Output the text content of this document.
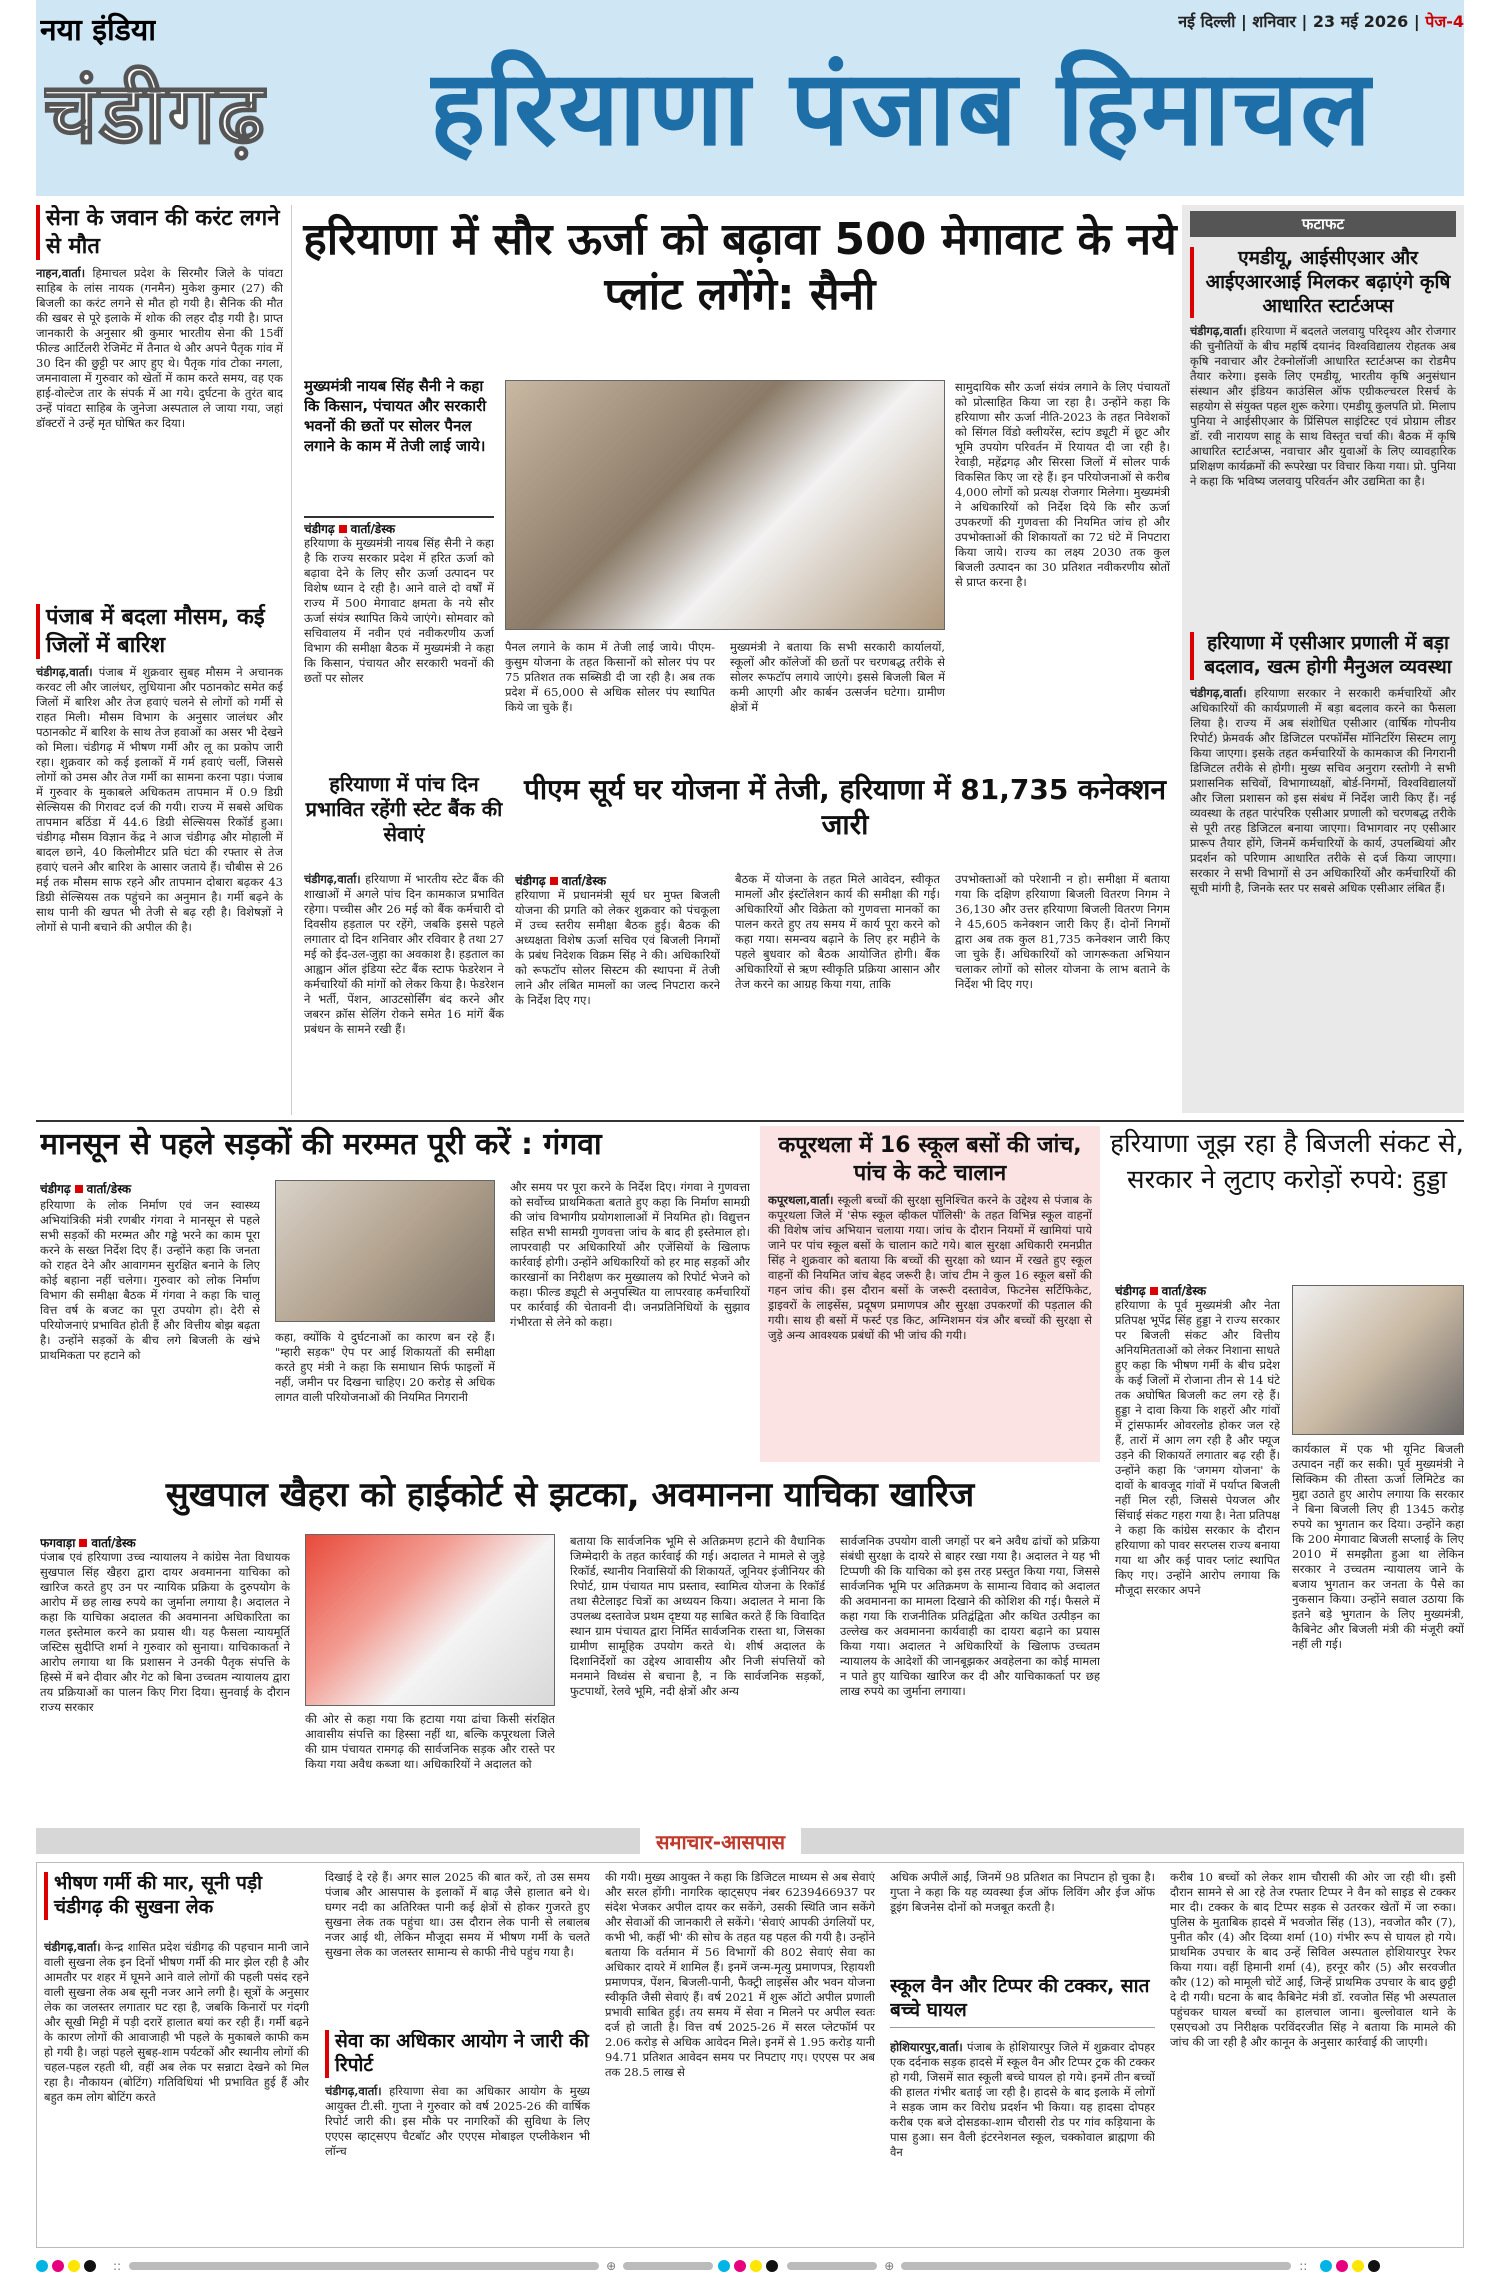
नया इंडिया
चंडीगढ़ हरियाणा पंजाब हिमाचल
नई दिल्ली | शनिवार | 23 मई 2026 | पेज-4
सेना के जवान की करंट लगने से मौत
नाहन,वार्ता। हिमाचल प्रदेश के सिरमौर जिले के पांवटा साहिब के लांस नायक (गनमैन) मुकेश कुमार (27) की बिजली का करंट लगने से मौत हो गयी है। सैनिक की मौत की खबर से पूरे इलाके में शोक की लहर दौड़ गयी है। प्राप्त जानकारी के अनुसार श्री कुमार भारतीय सेना की 15वीं फील्ड आर्टिलरी रेजिमेंट में तैनात थे और अपने पैतृक गांव में 30 दिन की छुट्टी पर आए हुए थे। पैतृक गांव टोका नगला, जमनावाला में गुरुवार को खेतों में काम करते समय, वह एक हाई-वोल्टेज तार के संपर्क में आ गये। दुर्घटना के तुरंत बाद उन्हें पांवटा साहिब के जुनेजा अस्पताल ले जाया गया, जहां डॉक्टरों ने उन्हें मृत घोषित कर दिया।
पंजाब में बदला मौसम, कई जिलों में बारिश
चंडीगढ़,वार्ता। पंजाब में शुक्रवार सुबह मौसम ने अचानक करवट ली और जालंधर, लुधियाना और पठानकोट समेत कई जिलों में बारिश और तेज हवाएं चलने से लोगों को गर्मी से राहत मिली। मौसम विभाग के अनुसार जालंधर और पठानकोट में बारिश के साथ तेज हवाओं का असर भी देखने को मिला। चंडीगढ़ में भीषण गर्मी और लू का प्रकोप जारी रहा। शुक्रवार को कई इलाकों में गर्म हवाएं चलीं, जिससे लोगों को उमस और तेज गर्मी का सामना करना पड़ा। पंजाब में गुरुवार के मुकाबले अधिकतम तापमान में 0.9 डिग्री सेल्सियस की गिरावट दर्ज की गयी। राज्य में सबसे अधिक तापमान बठिंडा में 44.6 डिग्री सेल्सियस रिकॉर्ड हुआ। चंडीगढ़ मौसम विज्ञान केंद्र ने आज चंडीगढ़ और मोहाली में बादल छाने, 40 किलोमीटर प्रति घंटा की रफ्तार से तेज हवाएं चलने और बारिश के आसार जताये हैं। चौबीस से 26 मई तक मौसम साफ रहने और तापमान दोबारा बढ़कर 43 डिग्री सेल्सियस तक पहुंचने का अनुमान है। गर्मी बढ़ने के साथ पानी की खपत भी तेजी से बढ़ रही है। विशेषज्ञों ने लोगों से पानी बचाने की अपील की है।
हरियाणा में सौर ऊर्जा को बढ़ावा 500 मेगावाट के नये प्लांट लगेंगे: सैनी
मुख्यमंत्री नायब सिंह सैनी ने कहा कि किसान, पंचायत और सरकारी भवनों की छतों पर सोलर पैनल लगाने के काम में तेजी लाई जाये।
चंडीगढ़ वार्ता/डेस्क
हरियाणा के मुख्यमंत्री नायब सिंह सैनी ने कहा है कि राज्य सरकार प्रदेश में हरित ऊर्जा को बढ़ावा देने के लिए सौर ऊर्जा उत्पादन पर विशेष ध्यान दे रही है। आने वाले दो वर्षों में राज्य में 500 मेगावाट क्षमता के नये सौर ऊर्जा संयंत्र स्थापित किये जाएंगे। सोमवार को सचिवालय में नवीन एवं नवीकरणीय ऊर्जा विभाग की समीक्षा बैठक में मुख्यमंत्री ने कहा कि किसान, पंचायत और सरकारी भवनों की छतों पर सोलर
पैनल लगाने के काम में तेजी लाई जाये। पीएम-कुसुम योजना के तहत किसानों को सोलर पंप पर 75 प्रतिशत तक सब्सिडी दी जा रही है। अब तक प्रदेश में 65,000 से अधिक सोलर पंप स्थापित किये जा चुके हैं।
मुख्यमंत्री ने बताया कि सभी सरकारी कार्यालयों, स्कूलों और कॉलेजों की छतों पर चरणबद्ध तरीके से सोलर रूफटॉप लगाये जाएंगे। इससे बिजली बिल में कमी आएगी और कार्बन उत्सर्जन घटेगा। ग्रामीण क्षेत्रों में
सामुदायिक सौर ऊर्जा संयंत्र लगाने के लिए पंचायतों को प्रोत्साहित किया जा रहा है। उन्होंने कहा कि हरियाणा सौर ऊर्जा नीति-2023 के तहत निवेशकों को सिंगल विंडो क्लीयरेंस, स्टांप ड्यूटी में छूट और भूमि उपयोग परिवर्तन में रियायत दी जा रही है। रेवाड़ी, महेंद्रगढ़ और सिरसा जिलों में सोलर पार्क विकसित किए जा रहे हैं। इन परियोजनाओं से करीब 4,000 लोगों को प्रत्यक्ष रोजगार मिलेगा। मुख्यमंत्री ने अधिकारियों को निर्देश दिये कि सौर ऊर्जा उपकरणों की गुणवत्ता की नियमित जांच हो और उपभोक्ताओं की शिकायतों का 72 घंटे में निपटारा किया जाये। राज्य का लक्ष्य 2030 तक कुल बिजली उत्पादन का 30 प्रतिशत नवीकरणीय स्रोतों से प्राप्त करना है।
हरियाणा में पांच दिन प्रभावित रहेंगी स्टेट बैंक की सेवाएं
चंडीगढ़,वार्ता। हरियाणा में भारतीय स्टेट बैंक की शाखाओं में अगले पांच दिन कामकाज प्रभावित रहेगा। पच्चीस और 26 मई को बैंक कर्मचारी दो दिवसीय हड़ताल पर रहेंगे, जबकि इससे पहले लगातार दो दिन शनिवार और रविवार है तथा 27 मई को ईद-उल-जुहा का अवकाश है। हड़ताल का आह्वान ऑल इंडिया स्टेट बैंक स्टाफ फेडरेशन ने कर्मचारियों की मांगों को लेकर किया है। फेडरेशन ने भर्ती, पेंशन, आउटसोर्सिंग बंद करने और जबरन क्रॉस सेलिंग रोकने समेत 16 मांगें बैंक प्रबंधन के सामने रखी हैं।
पीएम सूर्य घर योजना में तेजी, हरियाणा में 81,735 कनेक्शन जारी
चंडीगढ़ वार्ता/डेस्क
हरियाणा में प्रधानमंत्री सूर्य घर मुफ्त बिजली योजना की प्रगति को लेकर शुक्रवार को पंचकूला में उच्च स्तरीय समीक्षा बैठक हुई। बैठक की अध्यक्षता विशेष ऊर्जा सचिव एवं बिजली निगमों के प्रबंध निदेशक विक्रम सिंह ने की। अधिकारियों को रूफटॉप सोलर सिस्टम की स्थापना में तेजी लाने और लंबित मामलों का जल्द निपटारा करने के निर्देश दिए गए।
बैठक में योजना के तहत मिले आवेदन, स्वीकृत मामलों और इंस्टॉलेशन कार्य की समीक्षा की गई। अधिकारियों और विक्रेता को गुणवत्ता मानकों का पालन करते हुए तय समय में कार्य पूरा करने को कहा गया। समन्वय बढ़ाने के लिए हर महीने के पहले बुधवार को बैठक आयोजित होगी। बैंक अधिकारियों से ऋण स्वीकृति प्रक्रिया आसान और तेज करने का आग्रह किया गया, ताकि
उपभोक्ताओं को परेशानी न हो। समीक्षा में बताया गया कि दक्षिण हरियाणा बिजली वितरण निगम ने 36,130 और उत्तर हरियाणा बिजली वितरण निगम ने 45,605 कनेक्शन जारी किए हैं। दोनों निगमों द्वारा अब तक कुल 81,735 कनेक्शन जारी किए जा चुके हैं। अधिकारियों को जागरूकता अभियान चलाकर लोगों को सोलर योजना के लाभ बताने के निर्देश भी दिए गए।
फटाफट
एमडीयू, आईसीएआर और आईएआरआई मिलकर बढ़ाएंगे कृषि आधारित स्टार्टअप्स
चंडीगढ़,वार्ता। हरियाणा में बदलते जलवायु परिदृश्य और रोजगार की चुनौतियों के बीच महर्षि दयानंद विश्वविद्यालय रोहतक अब कृषि नवाचार और टेक्नोलॉजी आधारित स्टार्टअप्स का रोडमैप तैयार करेगा। इसके लिए एमडीयू, भारतीय कृषि अनुसंधान संस्थान और इंडियन काउंसिल ऑफ एग्रीकल्चरल रिसर्च के सहयोग से संयुक्त पहल शुरू करेगा। एमडीयू कुलपति प्रो. मिलाप पुनिया ने आईसीएआर के प्रिंसिपल साइंटिस्ट एवं प्रोग्राम लीडर डॉ. रवी नारायण साहू के साथ विस्तृत चर्चा की। बैठक में कृषि आधारित स्टार्टअप्स, नवाचार और युवाओं के लिए व्यावहारिक प्रशिक्षण कार्यक्रमों की रूपरेखा पर विचार किया गया। प्रो. पुनिया ने कहा कि भविष्य जलवायु परिवर्तन और उद्यमिता का है।
हरियाणा में एसीआर प्रणाली में बड़ा बदलाव, खत्म होगी मैनुअल व्यवस्था
चंडीगढ़,वार्ता। हरियाणा सरकार ने सरकारी कर्मचारियों और अधिकारियों की कार्यप्रणाली में बड़ा बदलाव करने का फैसला लिया है। राज्य में अब संशोधित एसीआर (वार्षिक गोपनीय रिपोर्ट) फ्रेमवर्क और डिजिटल परफॉर्मेंस मॉनिटरिंग सिस्टम लागू किया जाएगा। इसके तहत कर्मचारियों के कामकाज की निगरानी डिजिटल तरीके से होगी। मुख्य सचिव अनुराग रस्तोगी ने सभी प्रशासनिक सचिवों, विभागाध्यक्षों, बोर्ड-निगमों, विश्वविद्यालयों और जिला प्रशासन को इस संबंध में निर्देश जारी किए हैं। नई व्यवस्था के तहत पारंपरिक एसीआर प्रणाली को चरणबद्ध तरीके से पूरी तरह डिजिटल बनाया जाएगा। विभागवार नए एसीआर प्रारूप तैयार होंगे, जिनमें कर्मचारियों के कार्य, उपलब्धियां और प्रदर्शन को परिणाम आधारित तरीके से दर्ज किया जाएगा। सरकार ने सभी विभागों से उन अधिकारियों और कर्मचारियों की सूची मांगी है, जिनके स्तर पर सबसे अधिक एसीआर लंबित हैं।
मानसून से पहले सड़कों की मरम्मत पूरी करें : गंगवा
चंडीगढ़ वार्ता/डेस्क
हरियाणा के लोक निर्माण एवं जन स्वास्थ्य अभियांत्रिकी मंत्री रणबीर गंगवा ने मानसून से पहले सभी सड़कों की मरम्मत और गड्ढे भरने का काम पूरा करने के सख्त निर्देश दिए हैं। उन्होंने कहा कि जनता को राहत देने और आवागमन सुरक्षित बनाने के लिए कोई बहाना नहीं चलेगा। गुरुवार को लोक निर्माण विभाग की समीक्षा बैठक में गंगवा ने कहा कि चालू वित्त वर्ष के बजट का पूरा उपयोग हो। देरी से परियोजनाएं प्रभावित होती हैं और वित्तीय बोझ बढ़ता है। उन्होंने सड़कों के बीच लगे बिजली के खंभे प्राथमिकता पर हटाने को
कहा, क्योंकि ये दुर्घटनाओं का कारण बन रहे हैं। "म्हारी सड़क" ऐप पर आई शिकायतों की समीक्षा करते हुए मंत्री ने कहा कि समाधान सिर्फ फाइलों में नहीं, जमीन पर दिखना चाहिए। 20 करोड़ से अधिक लागत वाली परियोजनाओं की नियमित निगरानी
और समय पर पूरा करने के निर्देश दिए। गंगवा ने गुणवत्ता को सर्वोच्च प्राथमिकता बताते हुए कहा कि निर्माण सामग्री की जांच विभागीय प्रयोगशालाओं में नियमित हो। विद्युत्तन सहित सभी सामग्री गुणवत्ता जांच के बाद ही इस्तेमाल हो। लापरवाही पर अधिकारियों और एजेंसियों के खिलाफ कार्रवाई होगी। उन्होंने अधिकारियों को हर माह सड़कों और कारखानों का निरीक्षण कर मुख्यालय को रिपोर्ट भेजने को कहा। फील्ड ड्यूटी से अनुपस्थित या लापरवाह कर्मचारियों पर कार्रवाई की चेतावनी दी। जनप्रतिनिधियों के सुझाव गंभीरता से लेने को कहा।
कपूरथला में 16 स्कूल बसों की जांच, पांच के कटे चालान
कपूरथला,वार्ता। स्कूली बच्चों की सुरक्षा सुनिश्चित करने के उद्देश्य से पंजाब के कपूरथला जिले में 'सेफ स्कूल व्हीकल पॉलिसी' के तहत विभिन्न स्कूल वाहनों की विशेष जांच अभियान चलाया गया। जांच के दौरान नियमों में खामियां पाये जाने पर पांच स्कूल बसों के चालान काटे गये। बाल सुरक्षा अधिकारी रमनप्रीत सिंह ने शुक्रवार को बताया कि बच्चों की सुरक्षा को ध्यान में रखते हुए स्कूल वाहनों की नियमित जांच बेहद जरूरी है। जांच टीम ने कुल 16 स्कूल बसों की गहन जांच की। इस दौरान बसों के जरूरी दस्तावेज, फिटनेस सर्टिफिकेट, ड्राइवरों के लाइसेंस, प्रदूषण प्रमाणपत्र और सुरक्षा उपकरणों की पड़ताल की गयी। साथ ही बसों में फर्स्ट एड किट, अग्निशमन यंत्र और बच्चों की सुरक्षा से जुड़े अन्य आवश्यक प्रबंधों की भी जांच की गयी।
हरियाणा जूझ रहा है बिजली संकट से, सरकार ने लुटाए करोड़ों रुपये: हुड्डा
चंडीगढ़ वार्ता/डेस्क
हरियाणा के पूर्व मुख्यमंत्री और नेता प्रतिपक्ष भूपेंद्र सिंह हुड्डा ने राज्य सरकार पर बिजली संकट और वित्तीय अनियमितताओं को लेकर निशाना साधते हुए कहा कि भीषण गर्मी के बीच प्रदेश के कई जिलों में रोजाना तीन से 14 घंटे तक अघोषित बिजली कट लग रहे हैं। हुड्डा ने दावा किया कि शहरों और गांवों में ट्रांसफार्मर ओवरलोड होकर जल रहे हैं, तारों में आग लग रही है और फ्यूज उड़ने की शिकायतें लगातार बढ़ रही हैं। उन्होंने कहा कि 'जगमग योजना' के दावों के बावजूद गांवों में पर्याप्त बिजली नहीं मिल रही, जिससे पेयजल और सिंचाई संकट गहरा गया है। नेता प्रतिपक्ष ने कहा कि कांग्रेस सरकार के दौरान हरियाणा को पावर सरप्लस राज्य बनाया गया था और कई पावर प्लांट स्थापित किए गए। उन्होंने आरोप लगाया कि मौजूदा सरकार अपने
कार्यकाल में एक भी यूनिट बिजली उत्पादन नहीं कर सकी। पूर्व मुख्यमंत्री ने सिक्किम की तीस्ता ऊर्जा लिमिटेड का मुद्दा उठाते हुए आरोप लगाया कि सरकार ने बिना बिजली लिए ही 1345 करोड़ रुपये का भुगतान कर दिया। उन्होंने कहा कि 200 मेगावाट बिजली सप्लाई के लिए 2010 में समझौता हुआ था लेकिन सरकार ने उच्चतम न्यायालय जाने के बजाय भुगतान कर जनता के पैसे का नुकसान किया। उन्होंने सवाल उठाया कि इतने बड़े भुगतान के लिए मुख्यमंत्री, कैबिनेट और बिजली मंत्री की मंजूरी क्यों नहीं ली गई।
सुखपाल खैहरा को हाईकोर्ट से झटका, अवमानना याचिका खारिज
फगवाड़ा वार्ता/डेस्क
पंजाब एवं हरियाणा उच्च न्यायालय ने कांग्रेस नेता विधायक सुखपाल सिंह खैहरा द्वारा दायर अवमानना याचिका को खारिज करते हुए उन पर न्यायिक प्रक्रिया के दुरुपयोग के आरोप में छह लाख रुपये का जुर्माना लगाया है। अदालत ने कहा कि याचिका अदालत की अवमानना अधिकारिता का गलत इस्तेमाल करने का प्रयास थी। यह फैसला न्यायमूर्ति जस्टिस सुदीप्ति शर्मा ने गुरुवार को सुनाया। याचिकाकर्ता ने आरोप लगाया था कि प्रशासन ने उनकी पैतृक संपत्ति के हिस्से में बने दीवार और गेट को बिना उच्चतम न्यायालय द्वारा तय प्रक्रियाओं का पालन किए गिरा दिया। सुनवाई के दौरान राज्य सरकार
की ओर से कहा गया कि हटाया गया ढांचा किसी संरक्षित आवासीय संपत्ति का हिस्सा नहीं था, बल्कि कपूरथला जिले की ग्राम पंचायत रामगढ़ की सार्वजनिक सड़क और रास्ते पर किया गया अवैध कब्जा था। अधिकारियों ने अदालत को
बताया कि सार्वजनिक भूमि से अतिक्रमण हटाने की वैधानिक जिम्मेदारी के तहत कार्रवाई की गई। अदालत ने मामले से जुड़े रिकॉर्ड, स्थानीय निवासियों की शिकायतें, जूनियर इंजीनियर की रिपोर्ट, ग्राम पंचायत माप प्रस्ताव, स्वामित्व योजना के रिकॉर्ड तथा सैटेलाइट चित्रों का अध्ययन किया। अदालत ने माना कि उपलब्ध दस्तावेज प्रथम दृष्टया यह साबित करते हैं कि विवादित स्थान ग्राम पंचायत द्वारा निर्मित सार्वजनिक रास्ता था, जिसका ग्रामीण सामूहिक उपयोग करते थे। शीर्ष अदालत के दिशानिर्देशों का उद्देश्य आवासीय और निजी संपत्तियों को मनमाने विध्वंस से बचाना है, न कि सार्वजनिक सड़कों, फुटपाथों, रेलवे भूमि, नदी क्षेत्रों और अन्य
सार्वजनिक उपयोग वाली जगहों पर बने अवैध ढांचों को प्रक्रिया संबंधी सुरक्षा के दायरे से बाहर रखा गया है। अदालत ने यह भी टिप्पणी की कि याचिका को इस तरह प्रस्तुत किया गया, जिससे सार्वजनिक भूमि पर अतिक्रमण के सामान्य विवाद को अदालत की अवमानना का मामला दिखाने की कोशिश की गई। फैसले में कहा गया कि राजनीतिक प्रतिद्वंद्विता और कथित उत्पीड़न का उल्लेख कर अवमानना कार्यवाही का दायरा बढ़ाने का प्रयास किया गया। अदालत ने अधिकारियों के खिलाफ उच्चतम न्यायालय के आदेशों की जानबूझकर अवहेलना का कोई मामला न पाते हुए याचिका खारिज कर दी और याचिकाकर्ता पर छह लाख रुपये का जुर्माना लगाया।
समाचार-आसपास
भीषण गर्मी की मार, सूनी पड़ी चंडीगढ़ की सुखना लेक
चंडीगढ़,वार्ता। केन्द्र शासित प्रदेश चंडीगढ़ की पहचान मानी जाने वाली सुखना लेक इन दिनों भीषण गर्मी की मार झेल रही है और आमतौर पर शहर में घूमने आने वाले लोगों की पहली पसंद रहने वाली सुखना लेक अब सूनी नजर आने लगी है। सूत्रों के अनुसार लेक का जलस्तर लगातार घट रहा है, जबकि किनारों पर गंदगी और सूखी मिट्टी में पड़ी दरारें हालात बयां कर रही हैं। गर्मी बढ़ने के कारण लोगों की आवाजाही भी पहले के मुकाबले काफी कम हो गयी है। जहां पहले सुबह-शाम पर्यटकों और स्थानीय लोगों की चहल-पहल रहती थी, वहीं अब लेक पर सन्नाटा देखने को मिल रहा है। नौकायन (बोटिंग) गतिविधियां भी प्रभावित हुई हैं और बहुत कम लोग बोटिंग करते
दिखाई दे रहे हैं। अगर साल 2025 की बात करें, तो उस समय पंजाब और आसपास के इलाकों में बाढ़ जैसे हालात बने थे। घग्गर नदी का अतिरिक्त पानी कई क्षेत्रों से होकर गुजरते हुए सुखना लेक तक पहुंचा था। उस दौरान लेक पानी से लबालब नजर आई थी, लेकिन मौजूदा समय में भीषण गर्मी के चलते सुखना लेक का जलस्तर सामान्य से काफी नीचे पहुंच गया है।
सेवा का अधिकार आयोग ने जारी की रिपोर्ट
चंडीगढ़,वार्ता। हरियाणा सेवा का अधिकार आयोग के मुख्य आयुक्त टी.सी. गुप्ता ने गुरुवार को वर्ष 2025-26 की वार्षिक रिपोर्ट जारी की। इस मौके पर नागरिकों की सुविधा के लिए एएएस व्हाट्सएप चैटबॉट और एएएस मोबाइल एप्लीकेशन भी लॉन्च
की गयी। मुख्य आयुक्त ने कहा कि डिजिटल माध्यम से अब सेवाएं और सरल होंगी। नागरिक व्हाट्सएप नंबर 6239466937 पर संदेश भेजकर अपील दायर कर सकेंगे, उसकी स्थिति जान सकेंगे और सेवाओं की जानकारी ले सकेंगे। 'सेवाएं आपकी उंगलियों पर, कभी भी, कहीं भी' की सोच के तहत यह पहल की गयी है। उन्होंने बताया कि वर्तमान में 56 विभागों की 802 सेवाएं सेवा का अधिकार दायरे में शामिल हैं। इनमें जन्म-मृत्यु प्रमाणपत्र, रिहायशी प्रमाणपत्र, पेंशन, बिजली-पानी, फैक्ट्री लाइसेंस और भवन योजना स्वीकृति जैसी सेवाएं हैं। वर्ष 2021 में शुरू ऑटो अपील प्रणाली प्रभावी साबित हुई। तय समय में सेवा न मिलने पर अपील स्वतः दर्ज हो जाती है। वित्त वर्ष 2025-26 में सरल प्लेटफॉर्म पर 2.06 करोड़ से अधिक आवेदन मिले। इनमें से 1.95 करोड़ यानी 94.71 प्रतिशत आवेदन समय पर निपटाए गए। एएएस पर अब तक 28.5 लाख से
अधिक अपीलें आईं, जिनमें 98 प्रतिशत का निपटान हो चुका है। गुप्ता ने कहा कि यह व्यवस्था ईज ऑफ लिविंग और ईज ऑफ डूइंग बिजनेस दोनों को मजबूत करती है।
स्कूल वैन और टिप्पर की टक्कर, सात बच्चे घायल
होशियारपुर,वार्ता। पंजाब के होशियारपुर जिले में शुक्रवार दोपहर एक दर्दनाक सड़क हादसे में स्कूल वैन और टिप्पर ट्रक की टक्कर हो गयी, जिसमें सात स्कूली बच्चे घायल हो गये। इनमें तीन बच्चों की हालत गंभीर बताई जा रही है। हादसे के बाद इलाके में लोगों ने सड़क जाम कर विरोध प्रदर्शन भी किया। यह हादसा दोपहर करीब एक बजे दोसडका-शाम चौरासी रोड पर गांव कड़ियाना के पास हुआ। सन वैली इंटरनेशनल स्कूल, चक्कोवाल ब्राह्मणा की वैन
करीब 10 बच्चों को लेकर शाम चौरासी की ओर जा रही थी। इसी दौरान सामने से आ रहे तेज रफ्तार टिप्पर ने वैन को साइड से टक्कर मार दी। टक्कर के बाद टिप्पर सड़क से उतरकर खेतों में जा रुका। पुलिस के मुताबिक हादसे में भवजोत सिंह (13), नवजोत कौर (7), पुनीत कौर (4) और दिव्या शर्मा (10) गंभीर रूप से घायल हो गये। प्राथमिक उपचार के बाद उन्हें सिविल अस्पताल होशियारपुर रेफर किया गया। वहीं हिमानी शर्मा (4), हरनूर कौर (5) और सरवजीत कौर (12) को मामूली चोटें आईं, जिन्हें प्राथमिक उपचार के बाद छुट्टी दे दी गयी। घटना के बाद कैबिनेट मंत्री डॉ. रवजोत सिंह भी अस्पताल पहुंचकर घायल बच्चों का हालचाल जाना। बुल्लोवाल थाने के एसएचओ उप निरीक्षक परविंदरजीत सिंह ने बताया कि मामले की जांच की जा रही है और कानून के अनुसार कार्रवाई की जाएगी।
::	⊕	⊕	::
